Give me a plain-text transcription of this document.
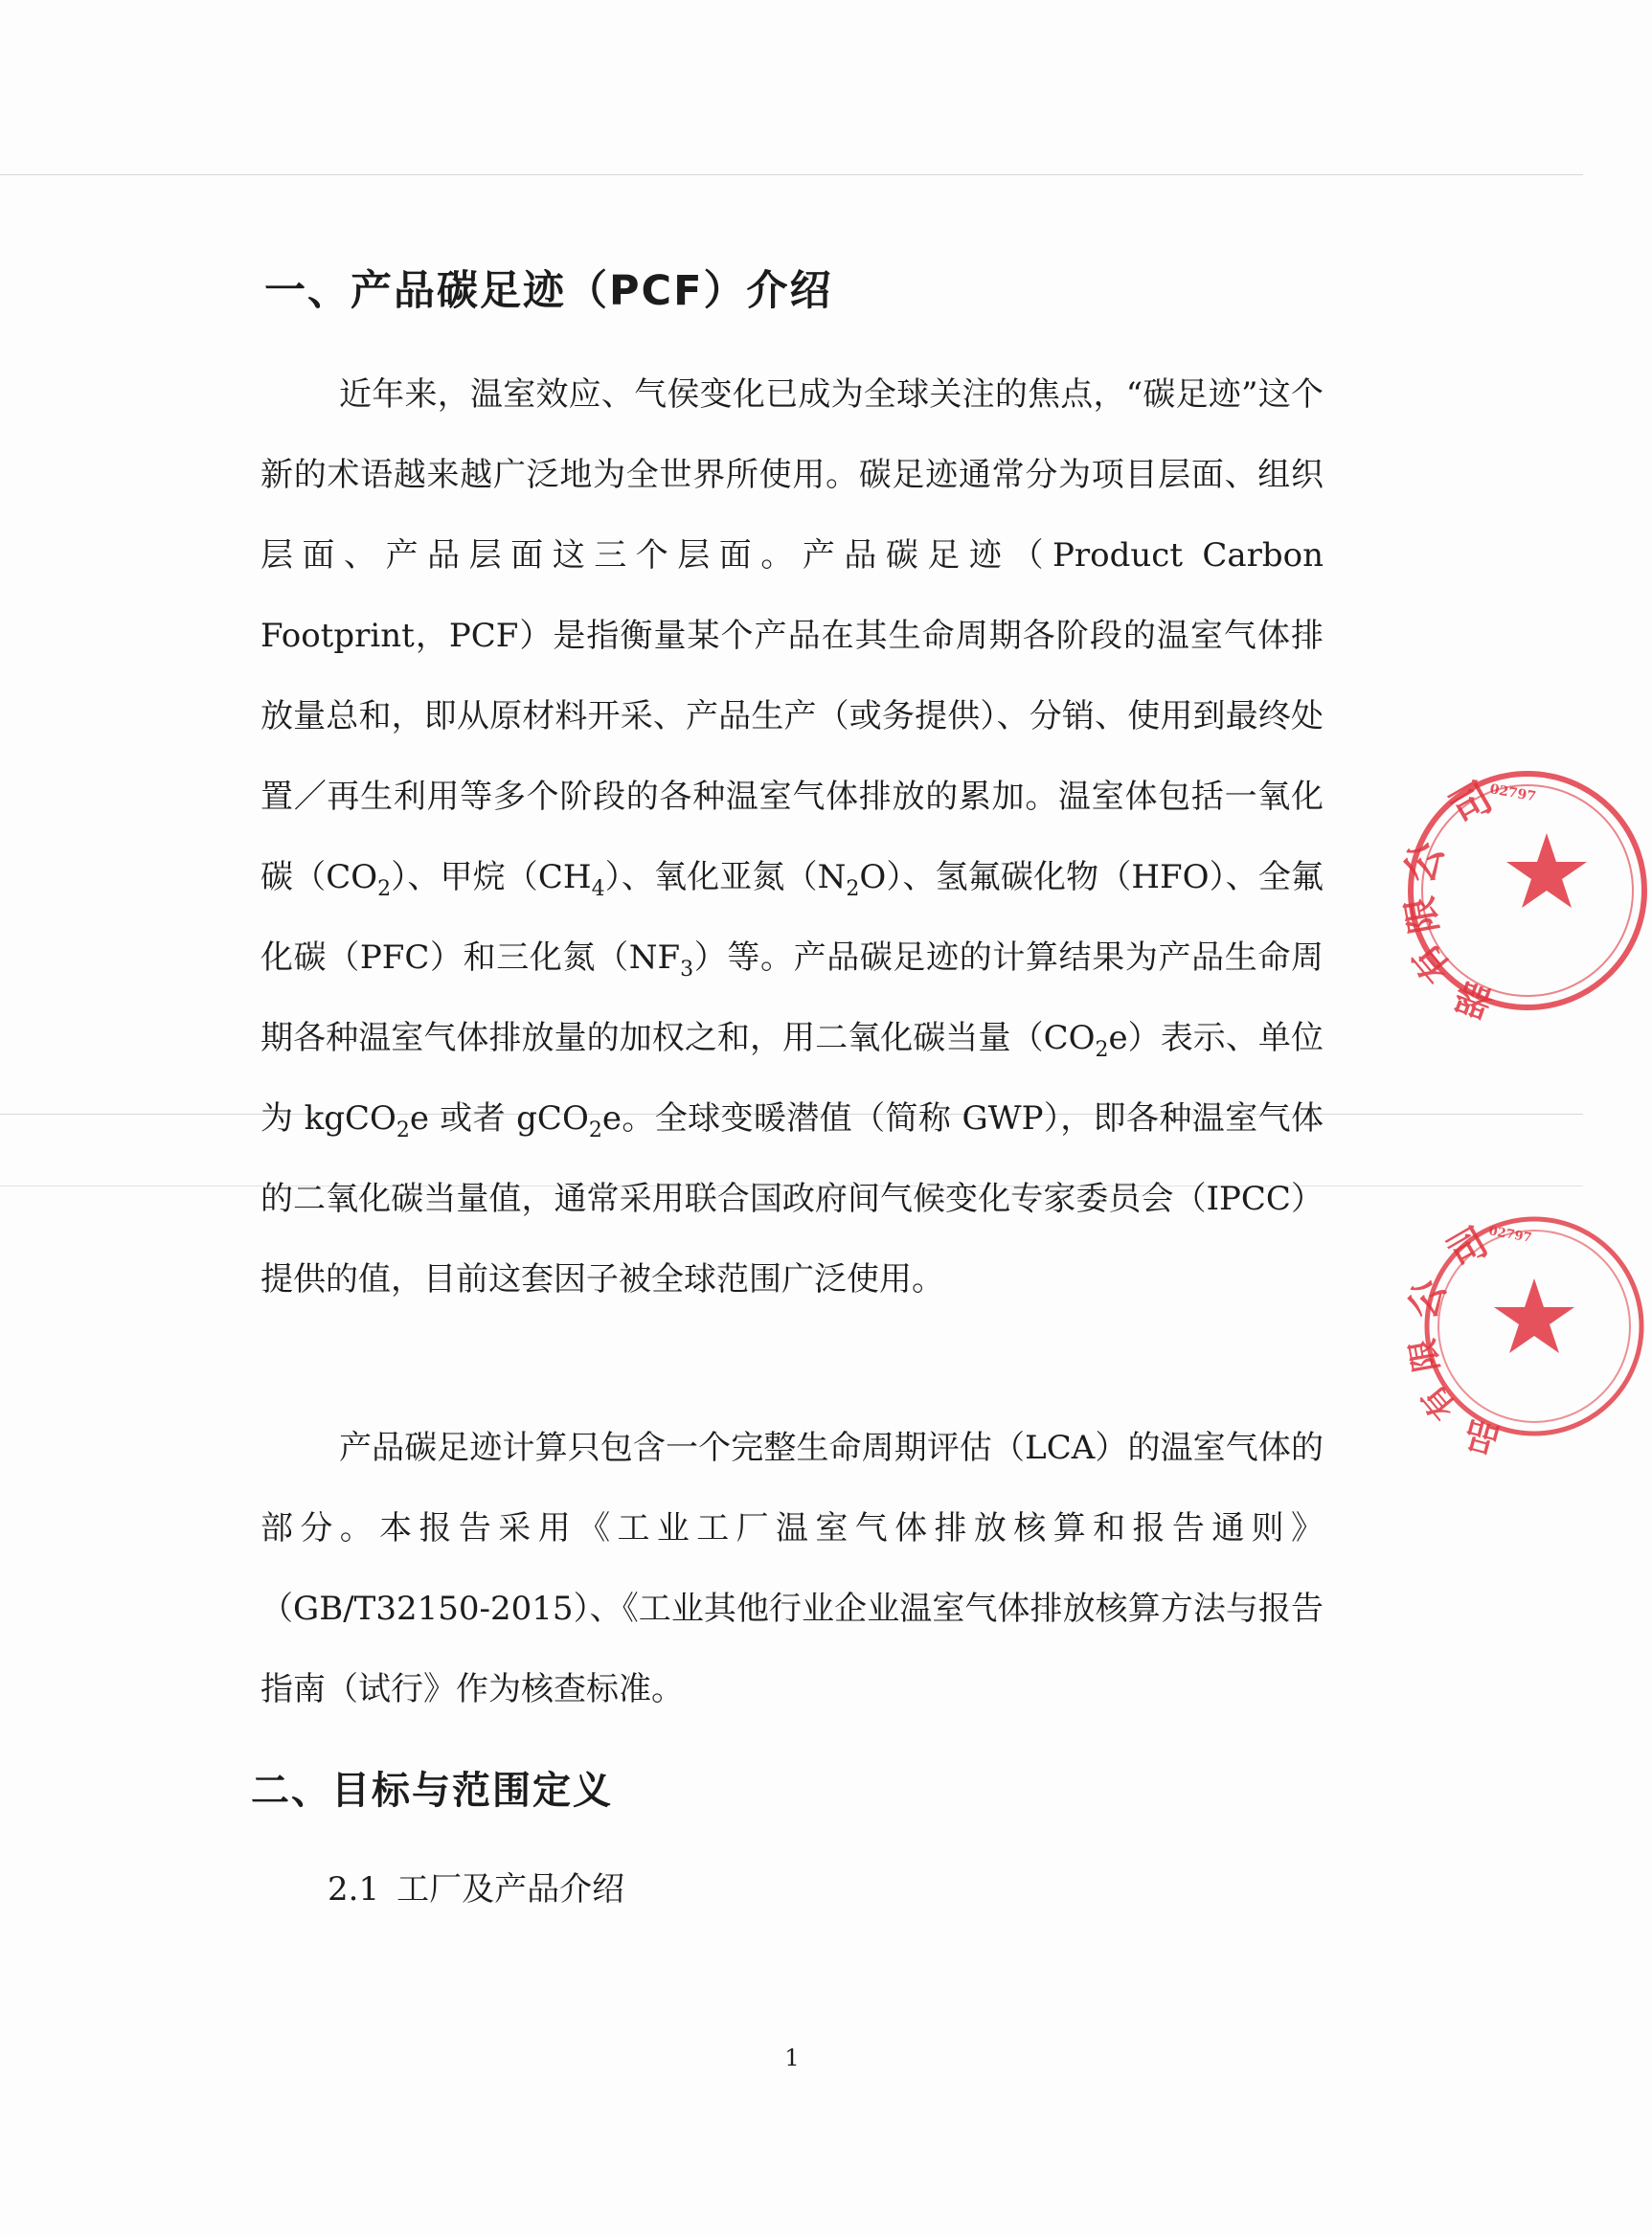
一、产品碳足迹（PCF）介绍

近年来，温室效应、气侯变化已成为全球关注的焦点，“碳足迹”这个新的术语越来越广泛地为全世界所使用。碳足迹通常分为项目层面、组织层面、产品层面这三个层面。产品碳足迹（Product Carbon Footprint，PCF）是指衡量某个产品在其生命周期各阶段的温室气体排放量总和，即从原材料开采、产品生产（或务提供）、分销、使用到最终处置／再生利用等多个阶段的各种温室气体排放的累加。温室体包括一氧化碳$(CO_2)$、甲烷$(CH_4)$、氧化亚氮$(N_2O)$、氢氟碳化物（HFO）、全氟化碳（PFC）和三化氮$(NF_3)$等。产品碳足迹的计算结果为产品生命周期各种温室气体排放量的加权之和，用二氧化碳当量$(CO_2e)$表示、单位为 kgCO$_2$e 或者 gCO$_2$e。全球变暖潜值（简称 GWP），即各种温室气体的二氧化碳当量值，通常采用联合国政府间气候变化专家委员会（IPCC）提供的值，目前这套因子被全球范围广泛使用。

产品碳足迹计算只包含一个完整生命周期评估（LCA）的温室气体的部分。本报告采用《工业工厂温室气体排放核算和报告通则》（GB/T32150-2015）、《工业其他行业企业温室气体排放核算方法与报告指南（试行》作为核查标准。

二、目标与范围定义

2.1 工厂及产品介绍

1
司
公
限
有
器
02797
司
公
限
有
品
02797
